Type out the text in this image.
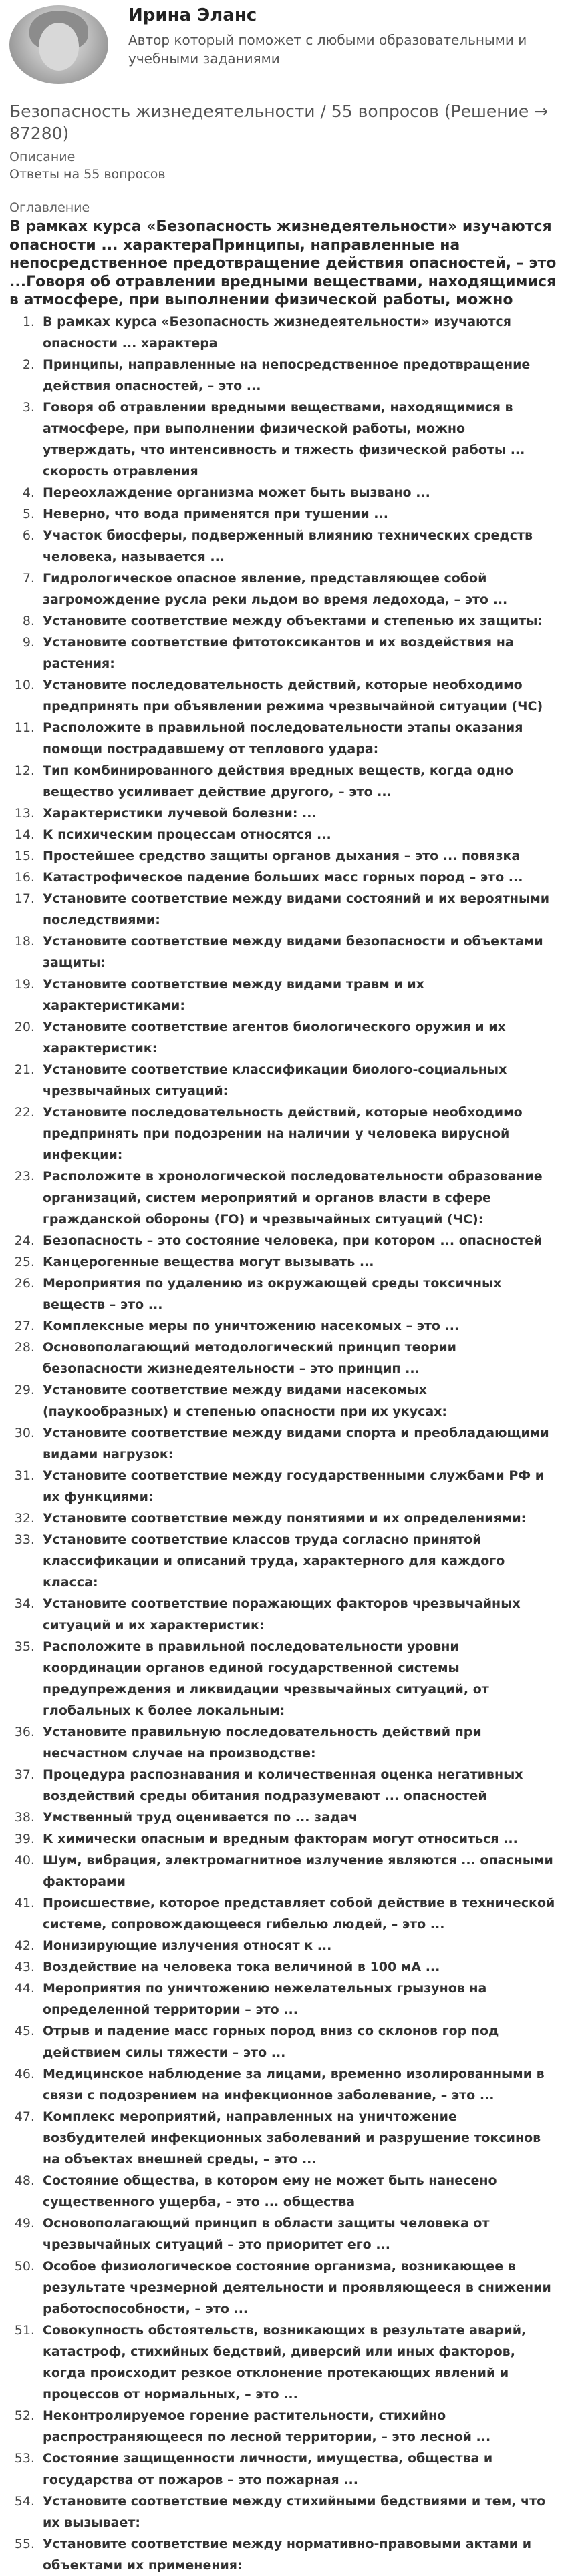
Ирина Эланс
Автор который поможет с любыми образовательными и учебными заданиями
Безопасность жизнедеятельности / 55 вопросов (Решение → 87280)
Описание
Ответы на 55 вопросов
Оглавление
В рамках курса «Безопасность жизнедеятельности» изучаются опасности ... характераПринципы, направленные на непосредственное предотвращение действия опасностей, – это ...Говоря об отравлении вредными веществами, находящимися в атмосфере, при выполнении физической работы, можно
1. В рамках курса «Безопасность жизнедеятельности» изучаются опасности ... характера
2. Принципы, направленные на непосредственное предотвращение действия опасностей, – это ...
3. Говоря об отравлении вредными веществами, находящимися в атмосфере, при выполнении физической работы, можно утверждать, что интенсивность и тяжесть физической работы ... скорость отравления
4. Переохлаждение организма может быть вызвано ...
5. Неверно, что вода применятся при тушении ...
6. Участок биосферы, подверженный влиянию технических средств человека, называется ...
7. Гидрологическое опасное явление, представляющее собой загромождение русла реки льдом во время ледохода, – это ...
8. Установите соответствие между объектами и степенью их защиты:
9. Установите соответствие фитотоксикантов и их воздействия на растения:
10. Установите последовательность действий, которые необходимо предпринять при объявлении режима чрезвычайной ситуации (ЧС)
11. Расположите в правильной последовательности этапы оказания помощи пострадавшему от теплового удара:
12. Тип комбинированного действия вредных веществ, когда одно вещество усиливает действие другого, – это ...
13. Характеристики лучевой болезни: ...
14. К психическим процессам относятся ...
15. Простейшее средство защиты органов дыхания – это ... повязка
16. Катастрофическое падение больших масс горных пород – это ...
17. Установите соответствие между видами состояний и их вероятными последствиями:
18. Установите соответствие между видами безопасности и объектами защиты:
19. Установите соответствие между видами травм и их характеристиками:
20. Установите соответствие агентов биологического оружия и их характеристик:
21. Установите соответствие классификации биолого-социальных чрезвычайных ситуаций:
22. Установите последовательность действий, которые необходимо предпринять при подозрении на наличии у человека вирусной инфекции:
23. Расположите в хронологической последовательности образование организаций, систем мероприятий и органов власти в сфере гражданской обороны (ГО) и чрезвычайных ситуаций (ЧС):
24. Безопасность – это состояние человека, при котором ... опасностей
25. Канцерогенные вещества могут вызывать ...
26. Мероприятия по удалению из окружающей среды токсичных веществ – это ...
27. Комплексные меры по уничтожению насекомых – это ...
28. Основополагающий методологический принцип теории безопасности жизнедеятельности – это принцип ...
29. Установите соответствие между видами насекомых (паукообразных) и степенью опасности при их укусах:
30. Установите соответствие между видами спорта и преобладающими видами нагрузок:
31. Установите соответствие между государственными службами РФ и их функциями:
32. Установите соответствие между понятиями и их определениями:
33. Установите соответствие классов труда согласно принятой классификации и описаний труда, характерного для каждого класса:
34. Установите соответствие поражающих факторов чрезвычайных ситуаций и их характеристик:
35. Расположите в правильной последовательности уровни координации органов единой государственной системы предупреждения и ликвидации чрезвычайных ситуаций, от глобальных к более локальным:
36. Установите правильную последовательность действий при несчастном случае на производстве:
37. Процедура распознавания и количественная оценка негативных воздействий среды обитания подразумевают ... опасностей
38. Умственный труд оценивается по ... задач
39. К химически опасным и вредным факторам могут относиться ...
40. Шум, вибрация, электромагнитное излучение являются ... опасными факторами
41. Происшествие, которое представляет собой действие в технической системе, сопровождающееся гибелью людей, – это ...
42. Ионизирующие излучения относят к ...
43. Воздействие на человека тока величиной в 100 мА ...
44. Мероприятия по уничтожению нежелательных грызунов на определенной территории – это ...
45. Отрыв и падение масс горных пород вниз со склонов гор под действием силы тяжести – это ...
46. Медицинское наблюдение за лицами, временно изолированными в связи с подозрением на инфекционное заболевание, – это ...
47. Комплекс мероприятий, направленных на уничтожение возбудителей инфекционных заболеваний и разрушение токсинов на объектах внешней среды, – это ...
48. Состояние общества, в котором ему не может быть нанесено существенного ущерба, – это ... общества
49. Основополагающий принцип в области защиты человека от чрезвычайных ситуаций – это приоритет его ...
50. Особое физиологическое состояние организма, возникающее в результате чрезмерной деятельности и проявляющееся в снижении работоспособности, – это ...
51. Совокупность обстоятельств, возникающих в результате аварий, катастроф, стихийных бедствий, диверсий или иных факторов, когда происходит резкое отклонение протекающих явлений и процессов от нормальных, – это ...
52. Неконтролируемое горение растительности, стихийно распространяющееся по лесной территории, – это лесной ...
53. Состояние защищенности личности, имущества, общества и государства от пожаров – это пожарная ...
54. Установите соответствие между стихийными бедствиями и тем, что их вызывает:
55. Установите соответствие между нормативно-правовыми актами и объектами их применения:
